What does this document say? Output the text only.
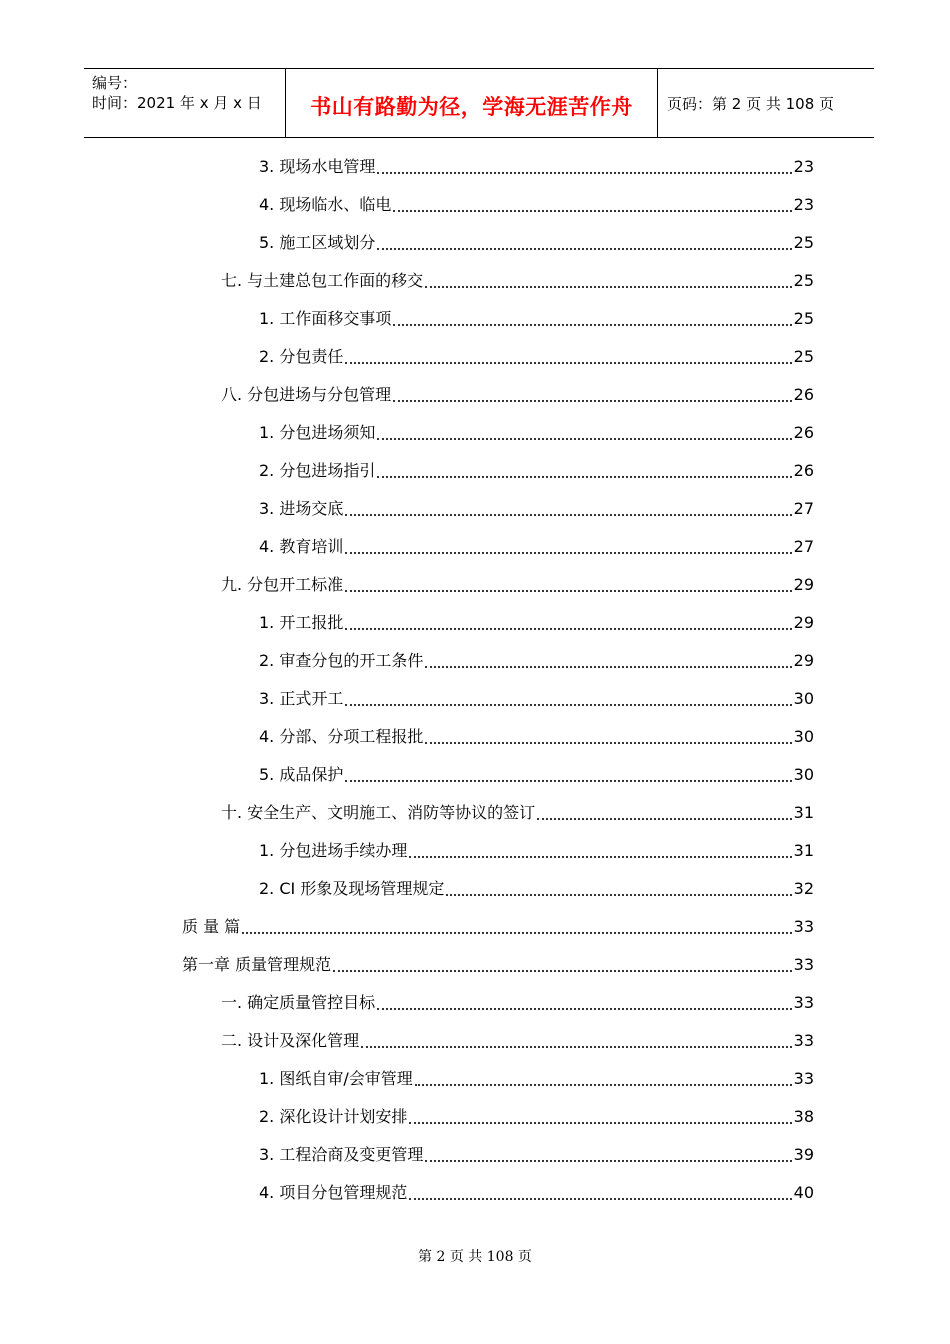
编号：
时间：2021 年 x 月 x 日	书山有路勤为径，学海无涯苦作舟	页码：第 2 页 共 108 页
3. 现场水电管理	23
4. 现场临水、临电	23
5. 施工区域划分	25
七. 与土建总包工作面的移交	25
1. 工作面移交事项	25
2. 分包责任	25
八. 分包进场与分包管理	26
1. 分包进场须知	26
2. 分包进场指引	26
3. 进场交底	27
4. 教育培训	27
九. 分包开工标准	29
1. 开工报批	29
2. 审查分包的开工条件	29
3. 正式开工	30
4. 分部、分项工程报批	30
5. 成品保护	30
十. 安全生产、文明施工、消防等协议的签订	31
1. 分包进场手续办理	31
2. CI 形象及现场管理规定	32
质 量 篇	33
第一章 质量管理规范	33
一. 确定质量管控目标	33
二. 设计及深化管理	33
1. 图纸自审/会审管理	33
2. 深化设计计划安排	38
3. 工程洽商及变更管理	39
4. 项目分包管理规范	40
第 2 页 共 108 页
